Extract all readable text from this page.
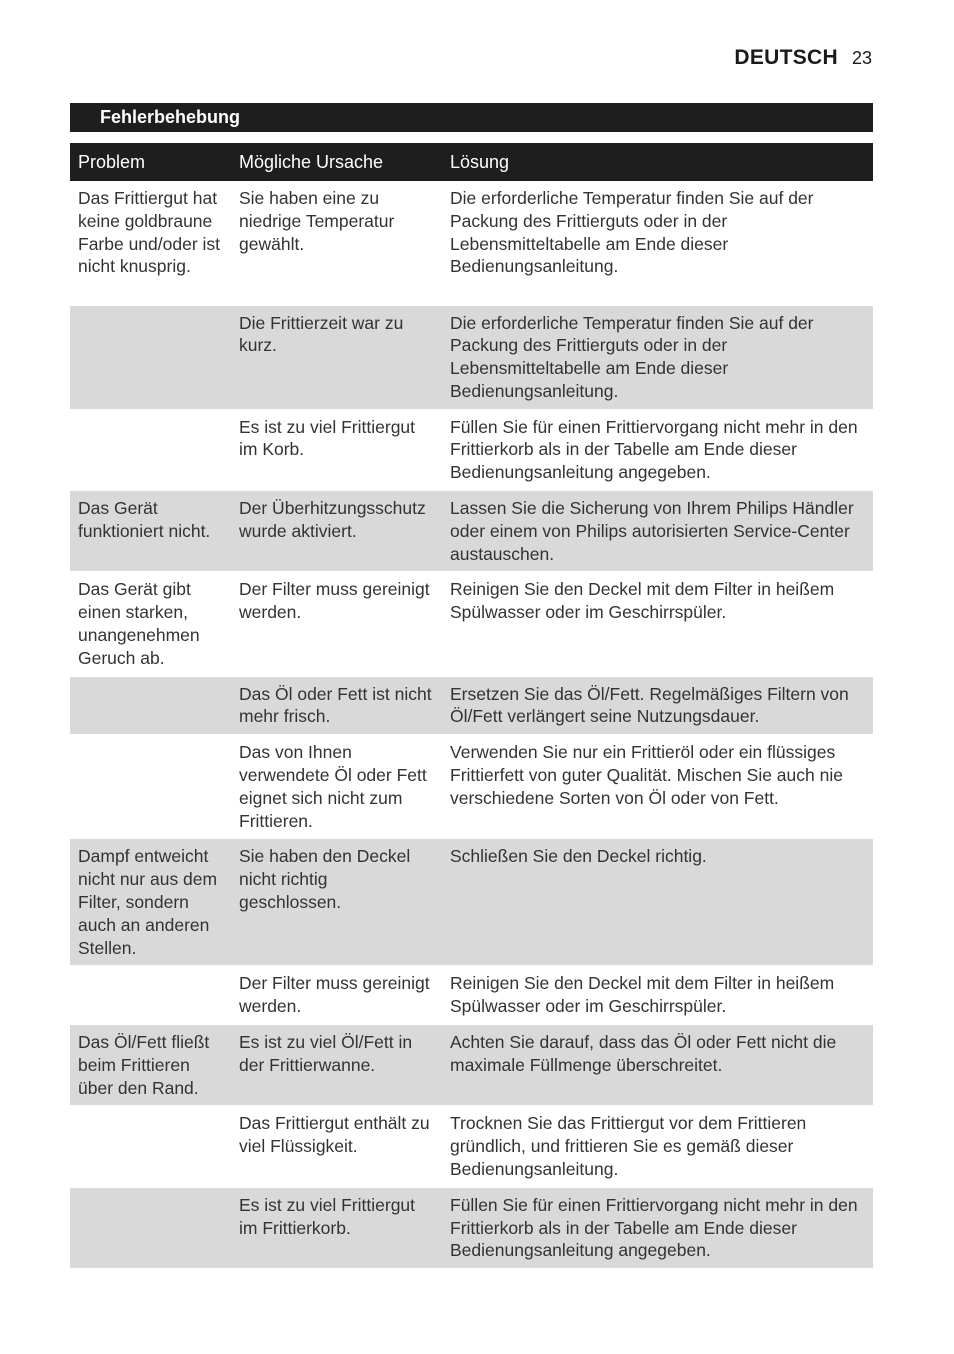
DEUTSCH 23
Fehlerbehebung
Problem	Mögliche Ursache	Lösung
Das Frittiergut hat keine goldbraune Farbe und/oder ist nicht knusprig.	Sie haben eine zu niedrige Temperatur gewählt.	Die erforderliche Temperatur finden Sie auf der Packung des Frittierguts oder in der Lebensmitteltabelle am Ende dieser Bedienungsanleitung.
	Die Frittierzeit war zu kurz.	Die erforderliche Temperatur finden Sie auf der Packung des Frittierguts oder in der Lebensmitteltabelle am Ende dieser Bedienungsanleitung.
	Es ist zu viel Frittiergut im Korb.	Füllen Sie für einen Frittiervorgang nicht mehr in den Frittierkorb als in der Tabelle am Ende dieser Bedienungsanleitung angegeben.
Das Gerät funktioniert nicht.	Der Überhitzungsschutz wurde aktiviert.	Lassen Sie die Sicherung von Ihrem Philips Händler oder einem von Philips autorisierten Service-Center austauschen.
Das Gerät gibt einen starken, unangenehmen Geruch ab.	Der Filter muss gereinigt werden.	Reinigen Sie den Deckel mit dem Filter in heißem Spülwasser oder im Geschirrspüler.
	Das Öl oder Fett ist nicht mehr frisch.	Ersetzen Sie das Öl/Fett. Regelmäßiges Filtern von Öl/Fett verlängert seine Nutzungsdauer.
	Das von Ihnen verwendete Öl oder Fett eignet sich nicht zum Frittieren.	Verwenden Sie nur ein Frittieröl oder ein flüssiges Frittierfett von guter Qualität. Mischen Sie auch nie verschiedene Sorten von Öl oder von Fett.
Dampf entweicht nicht nur aus dem Filter, sondern auch an anderen Stellen.	Sie haben den Deckel nicht richtig geschlossen.	Schließen Sie den Deckel richtig.
	Der Filter muss gereinigt werden.	Reinigen Sie den Deckel mit dem Filter in heißem Spülwasser oder im Geschirrspüler.
Das Öl/Fett fließt beim Frittieren über den Rand.	Es ist zu viel Öl/Fett in der Frittierwanne.	Achten Sie darauf, dass das Öl oder Fett nicht die maximale Füllmenge überschreitet.
	Das Frittiergut enthält zu viel Flüssigkeit.	Trocknen Sie das Frittiergut vor dem Frittieren gründlich, und frittieren Sie es gemäß dieser Bedienungsanleitung.
	Es ist zu viel Frittiergut im Frittierkorb.	Füllen Sie für einen Frittiervorgang nicht mehr in den Frittierkorb als in der Tabelle am Ende dieser Bedienungsanleitung angegeben.
